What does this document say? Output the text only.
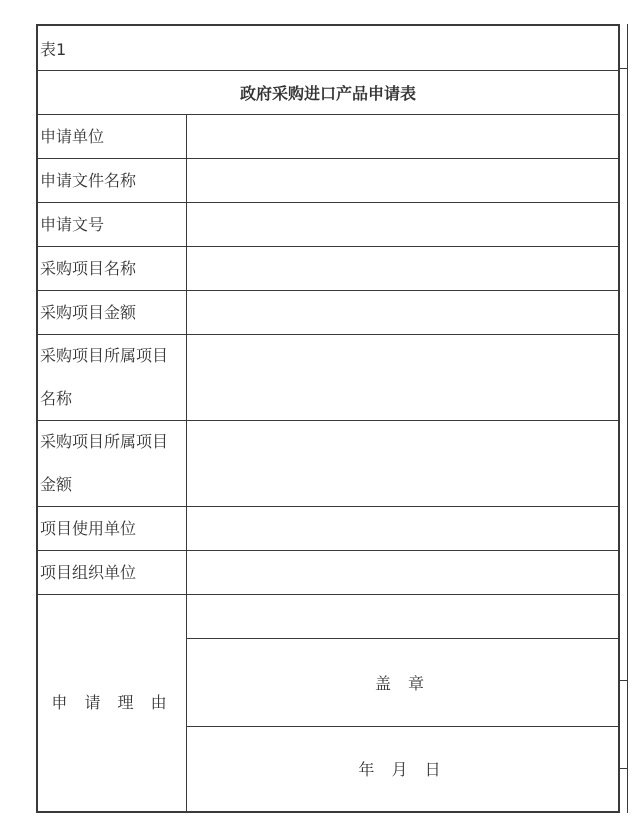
表1
政府采购进口产品申请表
申请单位
申请文件名称
申请文号
采购项目名称
采购项目金额
采购项目所属项目
名称
采购项目所属项目
金额
项目使用单位
项目组织单位
申 请 理 由
盖 章
年 月 日
